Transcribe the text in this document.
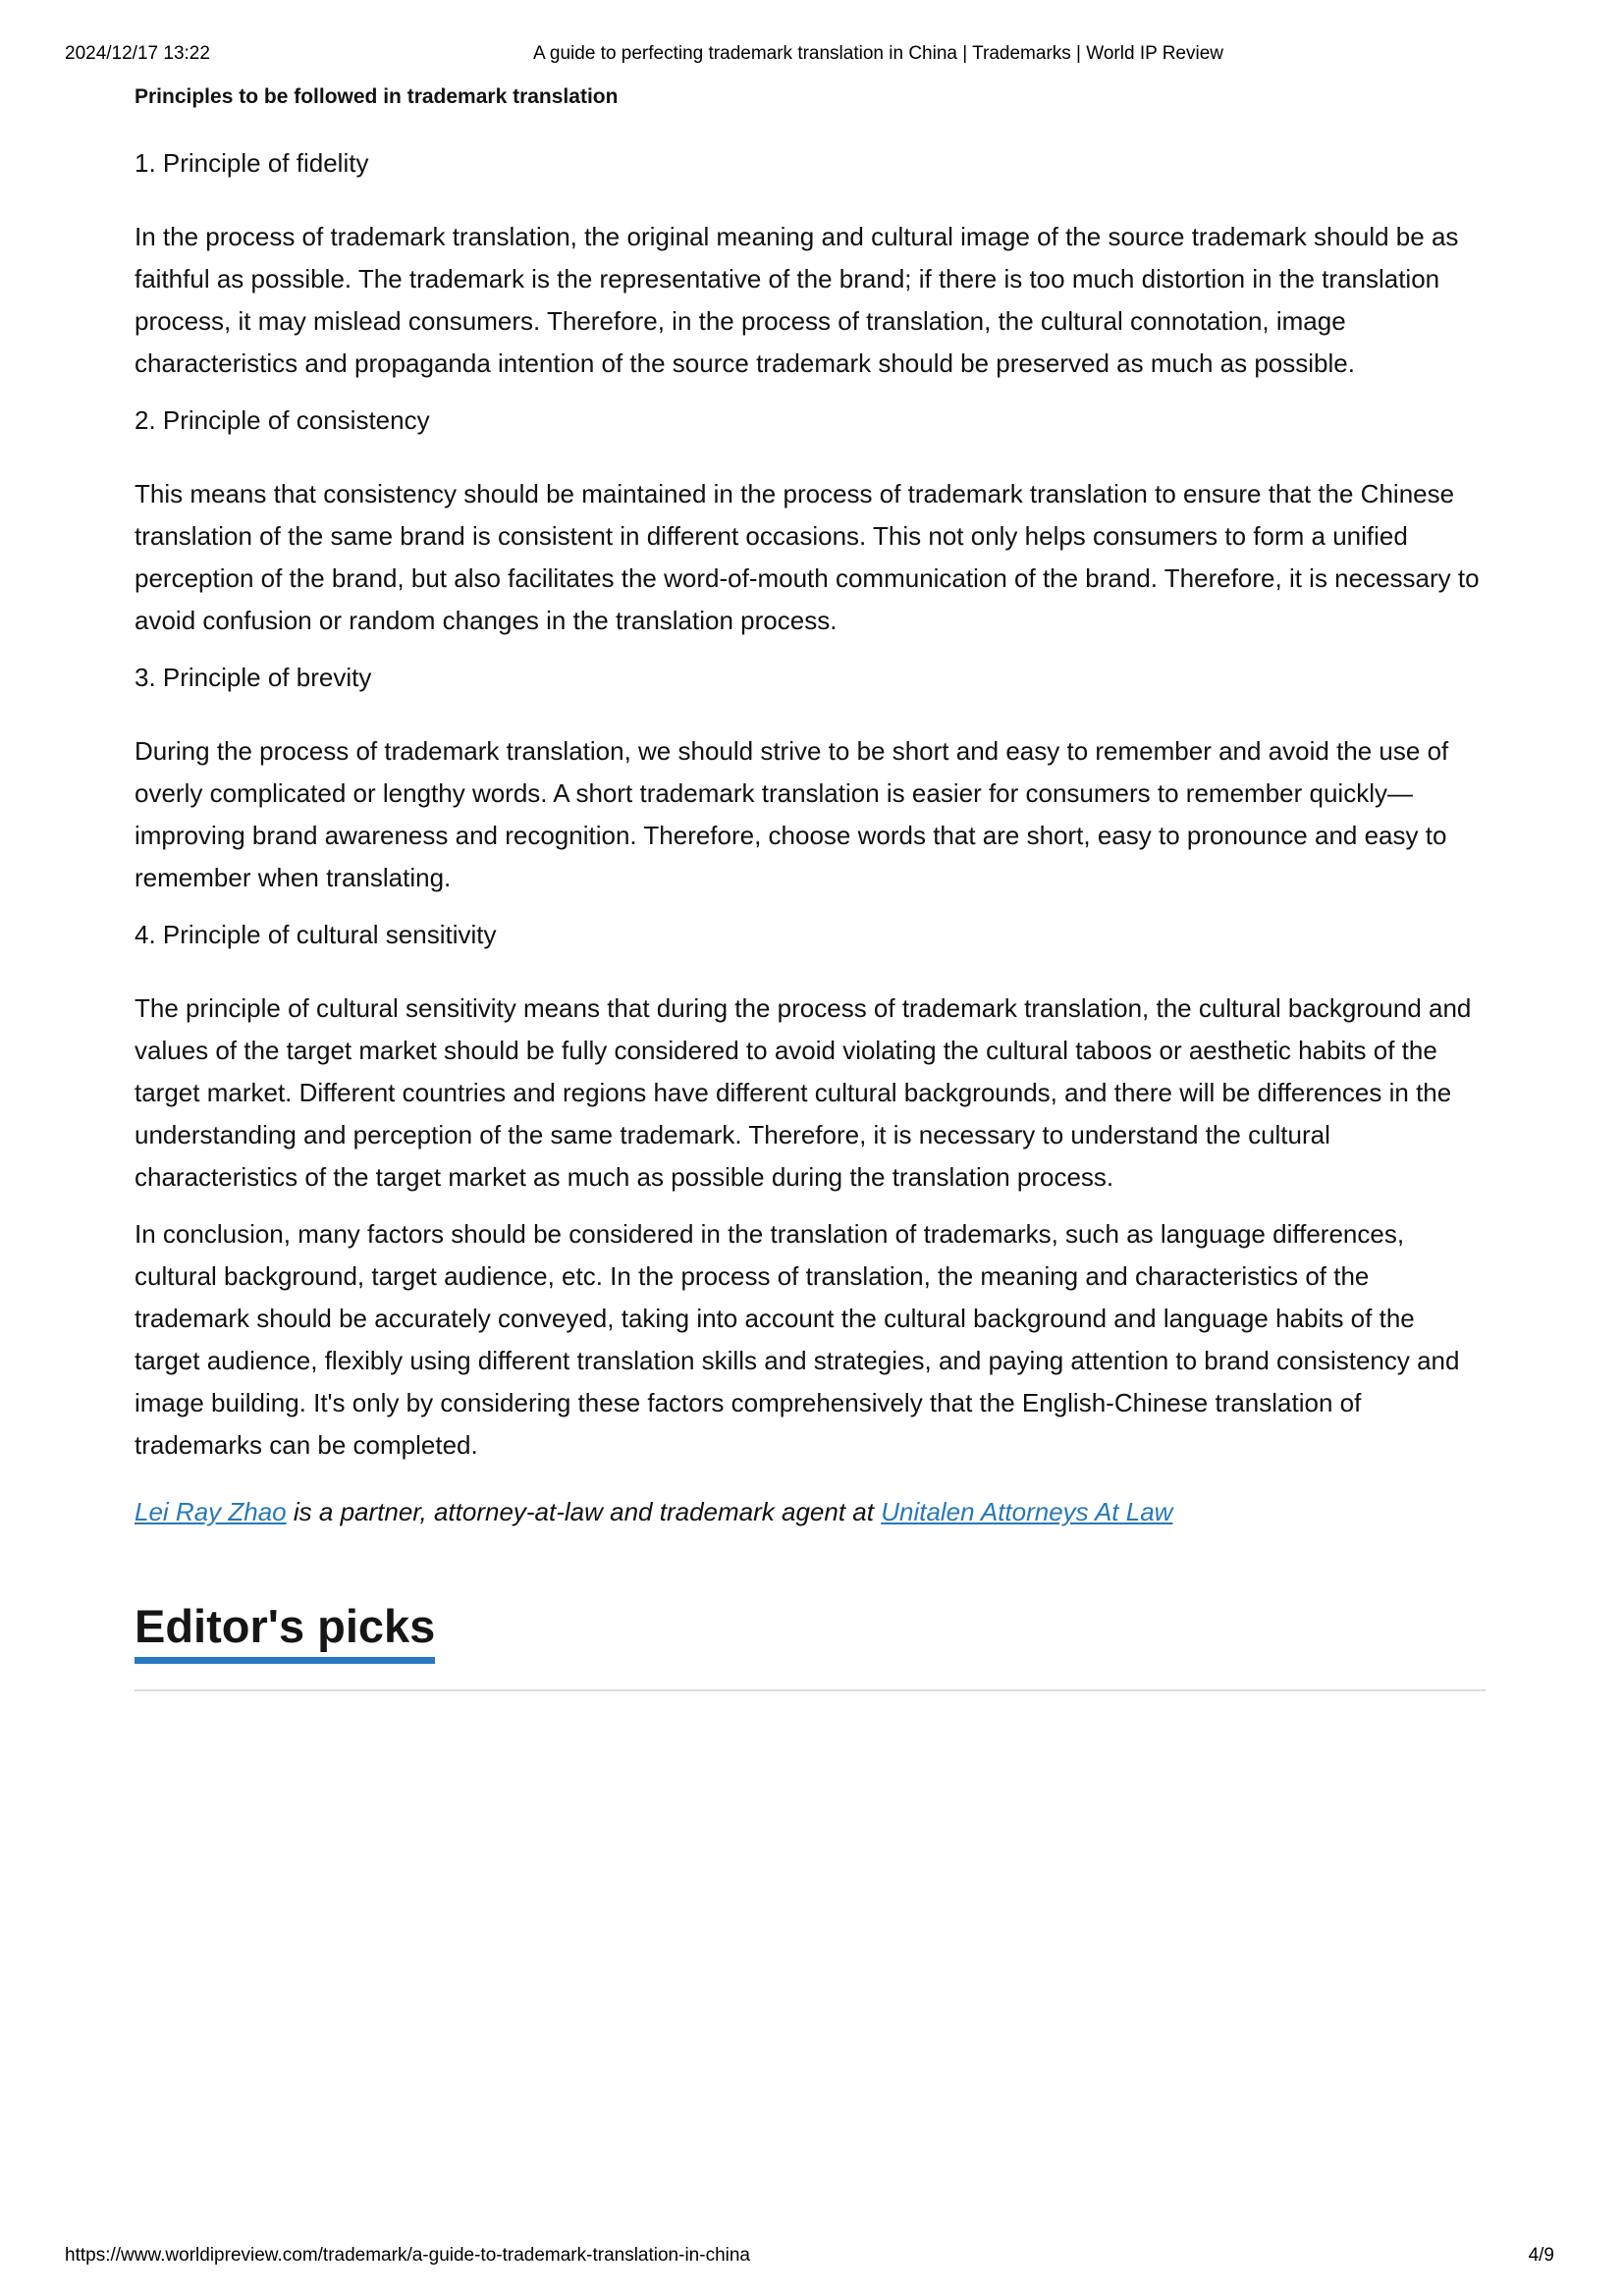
2024/12/17 13:22	A guide to perfecting trademark translation in China | Trademarks | World IP Review
Principles to be followed in trademark translation
1. Principle of fidelity

In the process of trademark translation, the original meaning and cultural image of the source trademark should be as faithful as possible. The trademark is the representative of the brand; if there is too much distortion in the translation process, it may mislead consumers. Therefore, in the process of translation, the cultural connotation, image characteristics and propaganda intention of the source trademark should be preserved as much as possible.

2. Principle of consistency

This means that consistency should be maintained in the process of trademark translation to ensure that the Chinese translation of the same brand is consistent in different occasions. This not only helps consumers to form a unified perception of the brand, but also facilitates the word-of-mouth communication of the brand. Therefore, it is necessary to avoid confusion or random changes in the translation process.

3. Principle of brevity

During the process of trademark translation, we should strive to be short and easy to remember and avoid the use of overly complicated or lengthy words. A short trademark translation is easier for consumers to remember quickly—improving brand awareness and recognition. Therefore, choose words that are short, easy to pronounce and easy to remember when translating.

4. Principle of cultural sensitivity

The principle of cultural sensitivity means that during the process of trademark translation, the cultural background and values of the target market should be fully considered to avoid violating the cultural taboos or aesthetic habits of the target market. Different countries and regions have different cultural backgrounds, and there will be differences in the understanding and perception of the same trademark. Therefore, it is necessary to understand the cultural characteristics of the target market as much as possible during the translation process.

In conclusion, many factors should be considered in the translation of trademarks, such as language differences, cultural background, target audience, etc. In the process of translation, the meaning and characteristics of the trademark should be accurately conveyed, taking into account the cultural background and language habits of the target audience, flexibly using different translation skills and strategies, and paying attention to brand consistency and image building. It's only by considering these factors comprehensively that the English-Chinese translation of trademarks can be completed.

Lei Ray Zhao is a partner, attorney-at-law and trademark agent at Unitalen Attorneys At Law

Editor's picks
https://www.worldipreview.com/trademark/a-guide-to-trademark-translation-in-china	4/9
